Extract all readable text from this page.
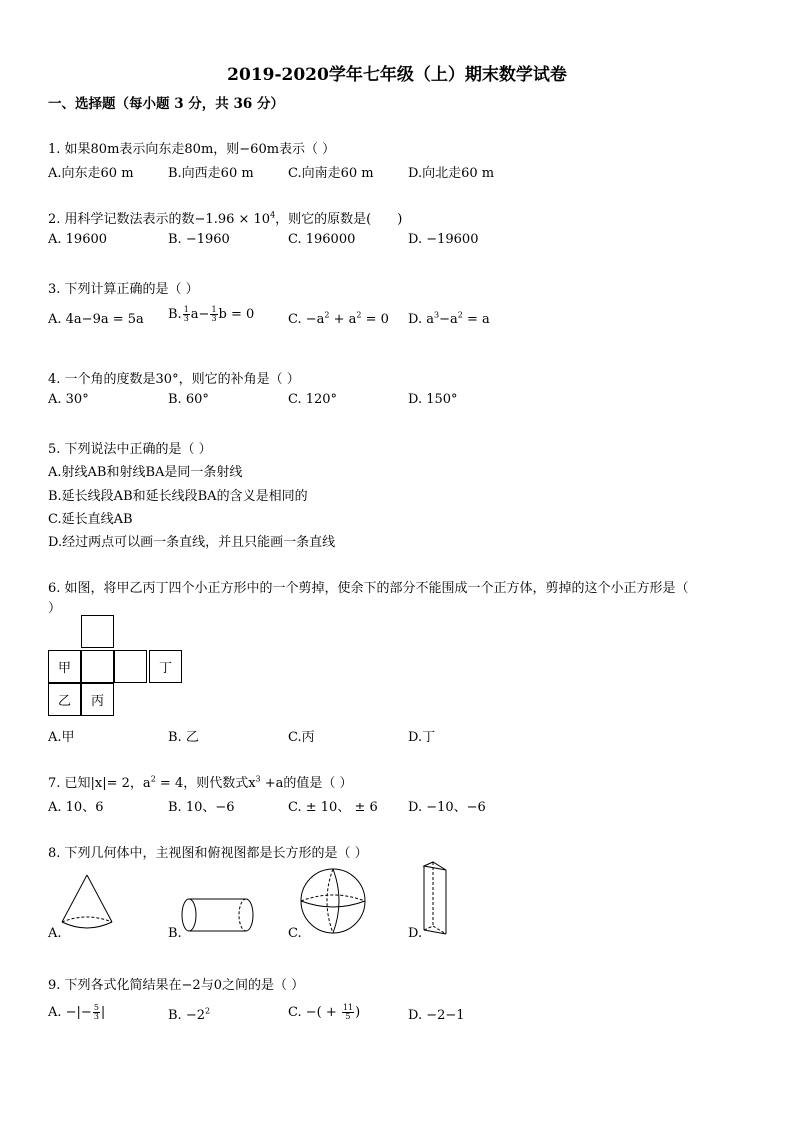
2019-2020学年七年级（上）期末数学试卷
一、选择题（每小题 3 分，共 36 分）
1. 如果80m表示向东走80m，则−60m表示（ ）
A.向东走60 m	B.向西走60 m	C.向南走60 m	D.向北走60 m
2. 用科学记数法表示的数$-1.96 \times 10^4$，则它的原数是(　　)
A. 19600	B. −1960	C. 196000	D. −19600
3. 下列计算正确的是（ ）
A. 4a−9a = 5a B. $\frac{1}{3} a- \frac{1}{3}$ b = 0	C. $-a^2 + a^2 = 0$ D. $a^3-a^2 = a$
4. 一个角的度数是30°，则它的补角是（ ）
A. 30°	B. 60°	C. 120°	D. 150°
5. 下列说法中正确的是（ ）
A.射线AB和射线BA是同一条射线
B.延长线段AB和延长线段BA的含义是相同的
C.延长直线AB
D.经过两点可以画一条直线，并且只能画一条直线
6. 如图，将甲乙丙丁四个小正方形中的一个剪掉，使余下的部分不能围成一个正方体，剪掉的这个小正方形是（
）
甲	丁
乙	丙
A.甲	B. 乙	C.丙	D.丁
7. 已知|x|= 2，$a^2 = 4$，则代数式$x^3 +a$的值是（ ）
A. 10、6	B. 10、−6	C. ± 10、 ± 6 D. −10、−6
8. 下列几何体中，主视图和俯视图都是长方形的是（ ）
A.	B.	C.	D.
9. 下列各式化简结果在−2与0之间的是（ ）
A. −|− $\frac{5}{3}$ |	B. $-2^2$	C. −( + $\frac{11}{5}$ )	D. −2−1
